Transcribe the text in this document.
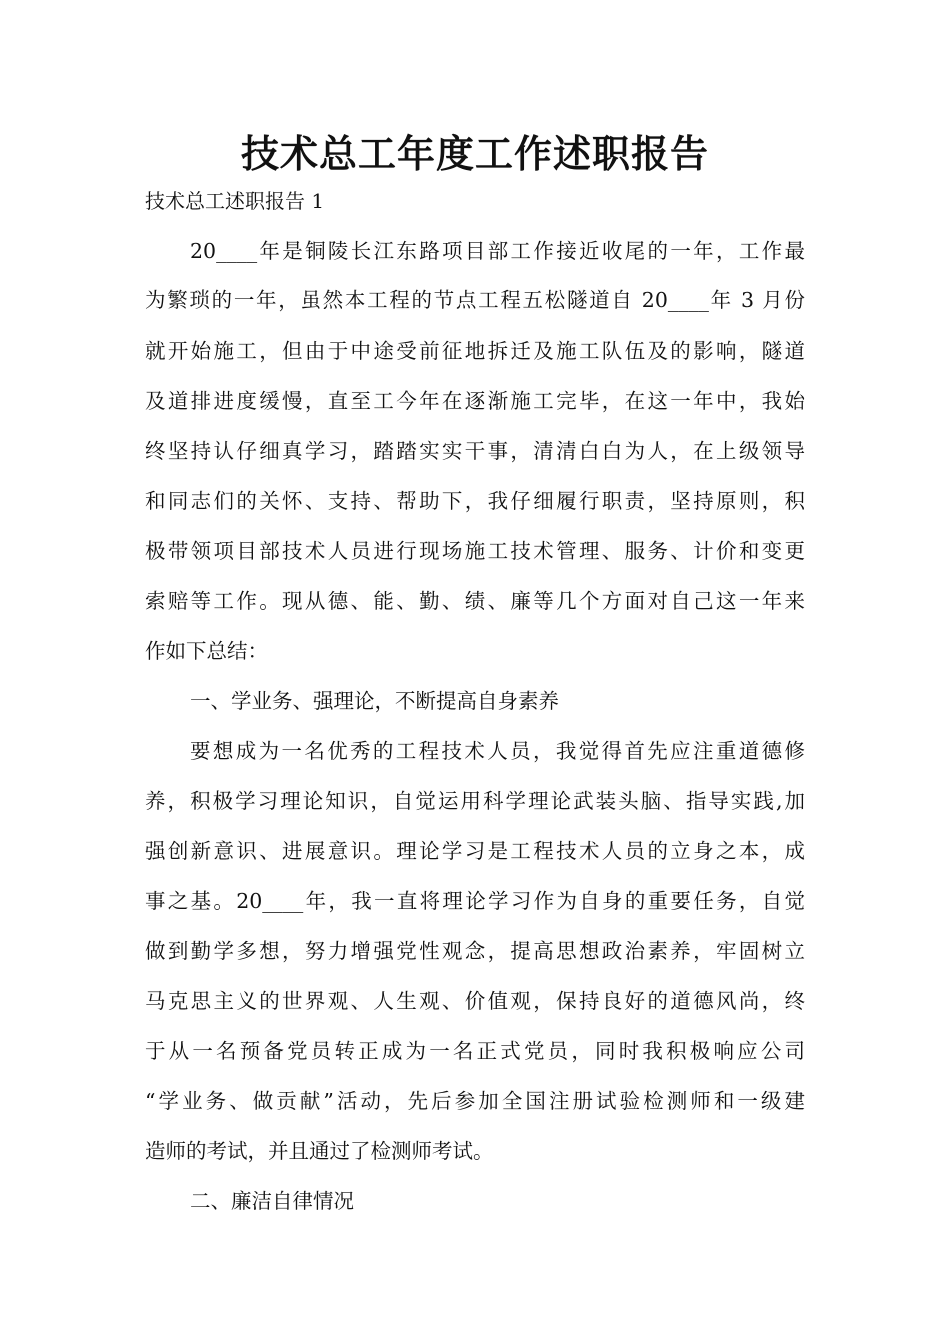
技术总工年度工作述职报告

技术总工述职报告 1

20____年是铜陵长江东路项目部工作接近收尾的一年，工作最

为繁琐的一年，虽然本工程的节点工程五松隧道自 20____年 3 月份

就开始施工，但由于中途受前征地拆迁及施工队伍及的影响，隧道

及道排进度缓慢，直至工今年在逐渐施工完毕，在这一年中，我始

终坚持认仔细真学习，踏踏实实干事，清清白白为人，在上级领导

和同志们的关怀、支持、帮助下，我仔细履行职责，坚持原则，积

极带领项目部技术人员进行现场施工技术管理、服务、计价和变更

索赔等工作。现从德、能、勤、绩、廉等几个方面对自己这一年来

作如下总结：

一、学业务、强理论，不断提高自身素养

要想成为一名优秀的工程技术人员，我觉得首先应注重道德修

养，积极学习理论知识，自觉运用科学理论武装头脑、指导实践,加

强创新意识、进展意识。理论学习是工程技术人员的立身之本，成

事之基。20____年，我一直将理论学习作为自身的重要任务，自觉

做到勤学多想，努力增强党性观念，提高思想政治素养，牢固树立

马克思主义的世界观、人生观、价值观，保持良好的道德风尚，终

于从一名预备党员转正成为一名正式党员，同时我积极响应公司

“学业务、做贡献”活动，先后参加全国注册试验检测师和一级建

造师的考试，并且通过了检测师考试。

二、廉洁自律情况
